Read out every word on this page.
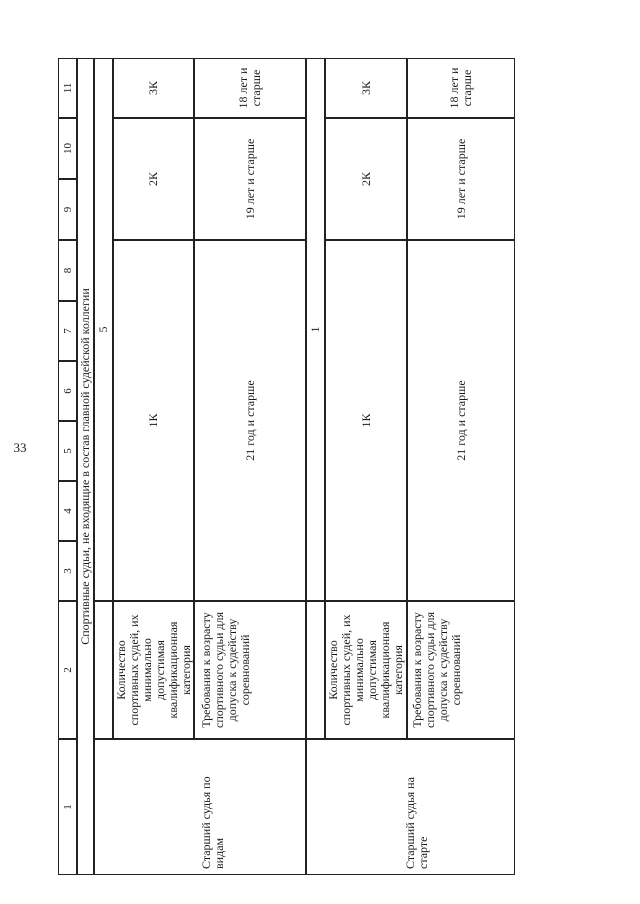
33
1
2
3
4
5
6
7
8
9
10
11
Спортивные судьи, не входящие в состав главной судейской коллегии
Старший судья по видам
5
Количество спортивных судей, их минимально допустимая квалификационная категория
1К
2К
3К
Требования к возрасту спортивного судьи для допуска к судейству соревнований
21 год и старше
19 лет и старше
18 лет и старше
Старший судья на старте
1
Количество спортивных судей, их минимально допустимая квалификационная категория
1К
2К
3К
Требования к возрасту спортивного судьи для допуска к судейству соревнований
21 год и старше
19 лет и старше
18 лет и старше
